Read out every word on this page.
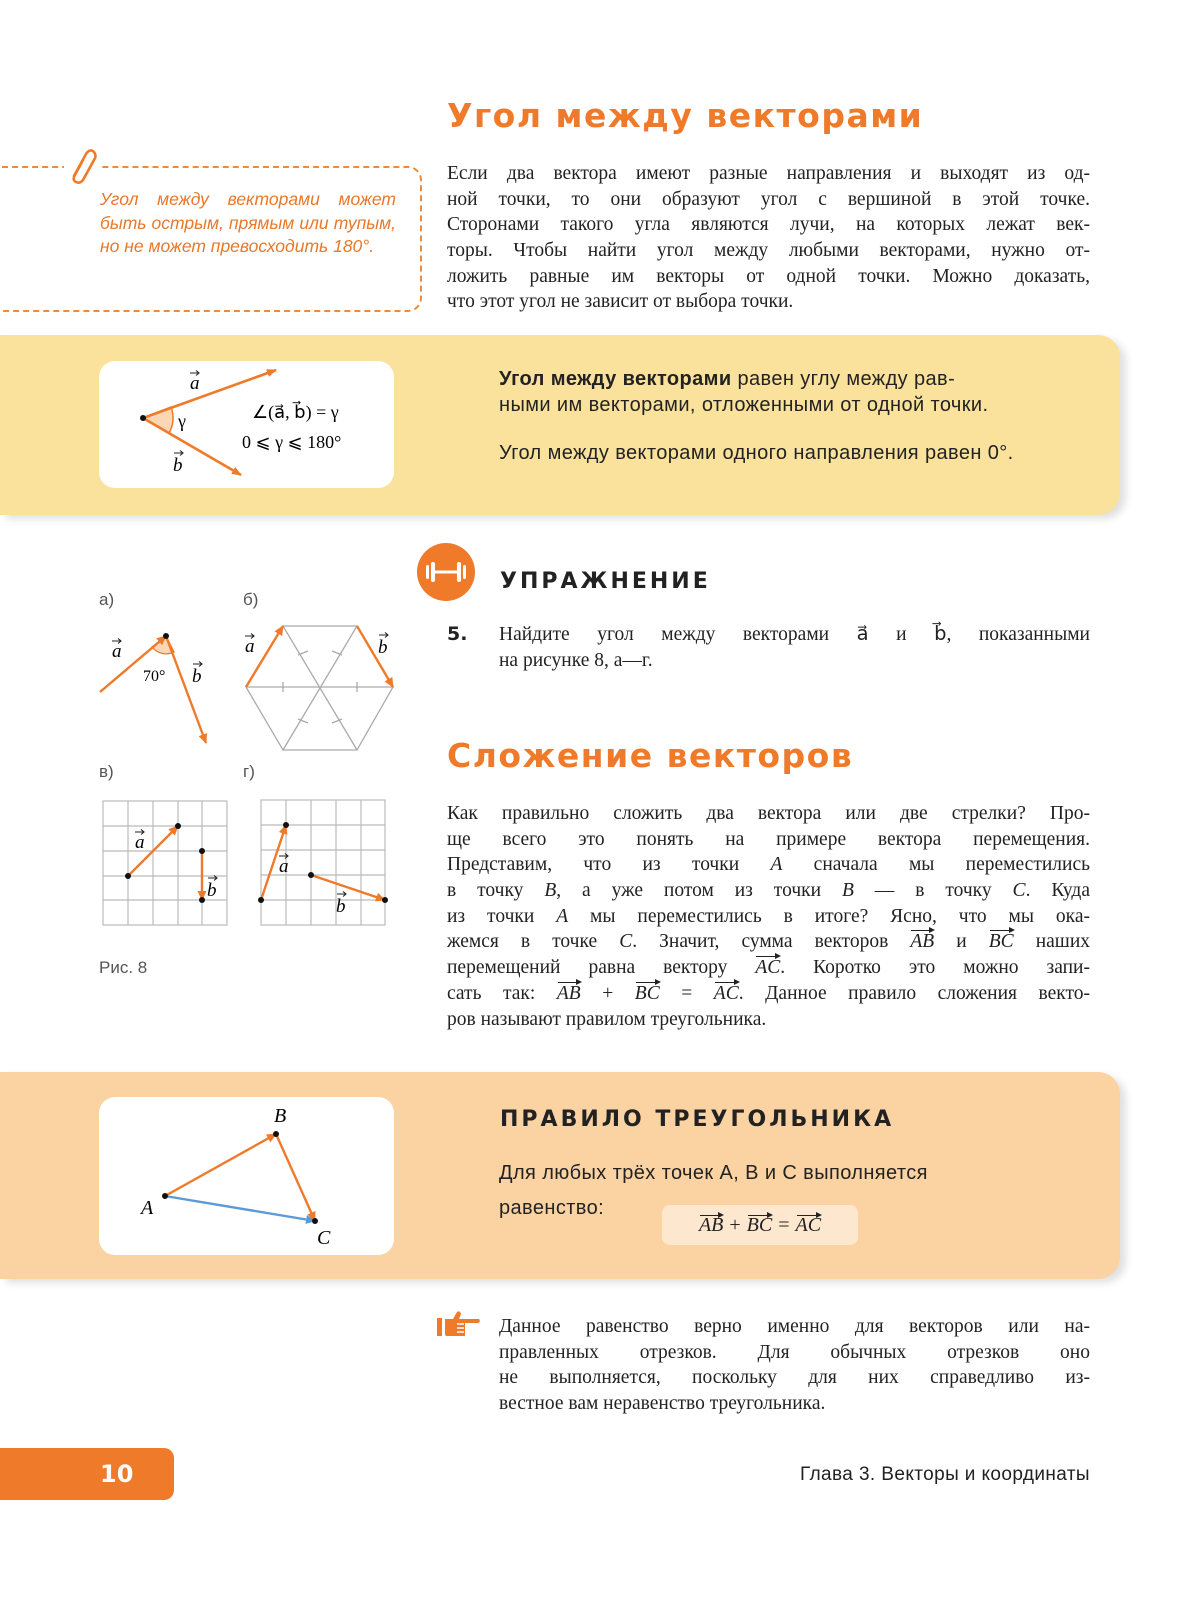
Угол между векторами может быть острым, прямым или тупым, но не может превосходить 180°.
Угол между векторами
Если два вектора имеют разные направления и выходят из од-
ной точки, то они образуют угол с вершиной в этой точке.
Сторонами такого угла являются лучи, на которых лежат век-
торы. Чтобы найти угол между любыми векторами, нужно от-
ложить равные им векторы от одной точки. Можно доказать,
что этот угол не зависит от выбора точки.
a
b
γ	∠(a⃗, b⃗) = γ
0 ⩽ γ ⩽ 180°
Угол между векторами равен углу между рав-
ными им векторами, отложенными от одной точки.
Угол между векторами одного направления равен 0°.
УПРАЖНЕНИЕ
5. Найдите угол между векторами a⃗ и b⃗, показанными
на рисунке 8, а—г.
а)	б)
в)	г)
a
70° b
a	b
a
b
a
b
Рис. 8
Сложение векторов
Как правильно сложить два вектора или две стрелки? Про-
ще всего это понять на примере вектора перемещения.
Представим, что из точки A сначала мы переместились
в точку B, а уже потом из точки B — в точку C. Куда
из точки A мы переместились в итоге? Ясно, что мы ока-
жемся в точке C. Значит, сумма векторов AB и BC наших
перемещений равна вектору AC. Коротко это можно запи-
сать так: AB + BC = AC. Данное правило сложения векто-
ров называют правилом треугольника.
A
B
C
ПРАВИЛО ТРЕУГОЛЬНИКА
Для любых трёх точек A, B и C выполняется
равенство:
AB + BC = AC
Данное равенство верно именно для векторов или на-
правленных отрезков. Для обычных отрезков оно
не выполняется, поскольку для них справедливо из-
вестное вам неравенство треугольника.
10	Глава 3. Векторы и координаты
